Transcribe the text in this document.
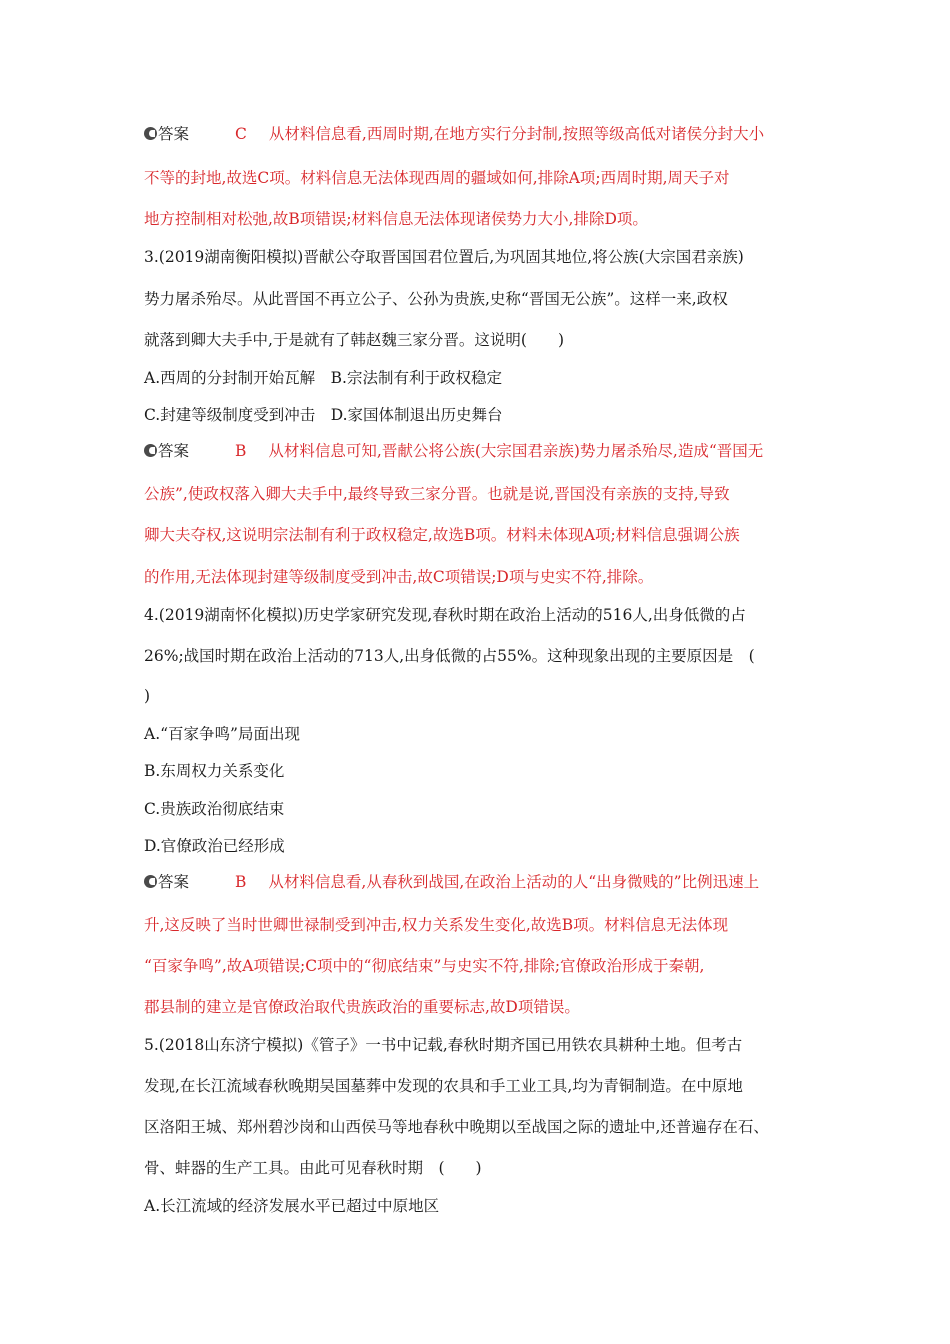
答案	C 从材料信息看,西周时期,在地方实行分封制,按照等级高低对诸侯分封大小
不等的封地,故选C项。材料信息无法体现西周的疆域如何,排除A项;西周时期,周天子对
地方控制相对松弛,故B项错误;材料信息无法体现诸侯势力大小,排除D项。
3.(2019湖南衡阳模拟)晋献公夺取晋国国君位置后,为巩固其地位,将公族(大宗国君亲族)
势力屠杀殆尽。从此晋国不再立公子、公孙为贵族,史称“晋国无公族”。这样一来,政权
就落到卿大夫手中,于是就有了韩赵魏三家分晋。这说明(　　)
A.西周的分封制开始瓦解　B.宗法制有利于政权稳定
C.封建等级制度受到冲击　D.家国体制退出历史舞台
答案	B 从材料信息可知,晋献公将公族(大宗国君亲族)势力屠杀殆尽,造成“晋国无
公族”,使政权落入卿大夫手中,最终导致三家分晋。也就是说,晋国没有亲族的支持,导致
卿大夫夺权,这说明宗法制有利于政权稳定,故选B项。材料未体现A项;材料信息强调公族
的作用,无法体现封建等级制度受到冲击,故C项错误;D项与史实不符,排除。
4.(2019湖南怀化模拟)历史学家研究发现,春秋时期在政治上活动的516人,出身低微的占
26%;战国时期在政治上活动的713人,出身低微的占55%。这种现象出现的主要原因是　(
)
A.“百家争鸣”局面出现
B.东周权力关系变化
C.贵族政治彻底结束
D.官僚政治已经形成
答案	B 从材料信息看,从春秋到战国,在政治上活动的人“出身微贱的”比例迅速上
升,这反映了当时世卿世禄制受到冲击,权力关系发生变化,故选B项。材料信息无法体现
“百家争鸣”,故A项错误;C项中的“彻底结束”与史实不符,排除;官僚政治形成于秦朝,
郡县制的建立是官僚政治取代贵族政治的重要标志,故D项错误。
5.(2018山东济宁模拟)《管子》一书中记载,春秋时期齐国已用铁农具耕种土地。但考古
发现,在长江流域春秋晚期吴国墓葬中发现的农具和手工业工具,均为青铜制造。在中原地
区洛阳王城、郑州碧沙岗和山西侯马等地春秋中晚期以至战国之际的遗址中,还普遍存在石、
骨、蚌器的生产工具。由此可见春秋时期　(　　)
A.长江流域的经济发展水平已超过中原地区
